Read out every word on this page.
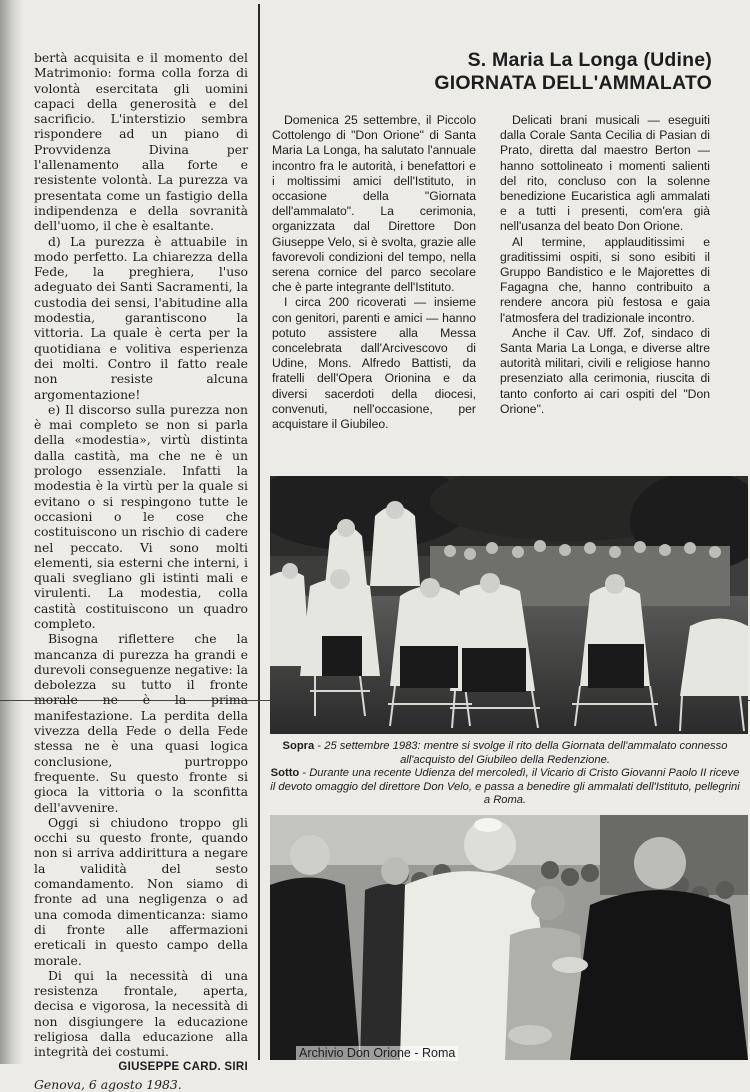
bertà acquisita e il momento del Matrimonio: forma colla forza di volontà esercitata gli uomini capaci della generosità e del sacrificio. L'interstizio sembra rispondere ad un piano di Provvidenza Divina per l'allenamento alla forte e resistente volontà. La purezza va presentata come un fastigio della indipendenza e della sovranità dell'uomo, il che è esaltante.

d) La purezza è attuabile in modo perfetto. La chiarezza della Fede, la preghiera, l'uso adeguato dei Santi Sacramenti, la custodia dei sensi, l'abitudine alla modestia, garantiscono la vittoria. La quale è certa per la quotidiana e volitiva esperienza dei molti. Contro il fatto reale non resiste alcuna argomentazione!

e) Il discorso sulla purezza non è mai completo se non si parla della «modestia», virtù distinta dalla castità, ma che ne è un prologo essenziale. Infatti la modestia è la virtù per la quale si evitano o si respingono tutte le occasioni o le cose che costituiscono un rischio di cadere nel peccato. Vi sono molti elementi, sia esterni che interni, i quali svegliano gli istinti mali e virulenti. La modestia, colla castità costituiscono un quadro completo.

Bisogna riflettere che la mancanza di purezza ha grandi e durevoli conseguenze negative: la debolezza su tutto il fronte morale ne è la prima manifestazione. La perdita della vivezza della Fede o della Fede stessa ne è una quasi logica conclusione, purtroppo frequente. Su questo fronte si gioca la vittoria o la sconfitta dell'avvenire.

Oggi si chiudono troppo gli occhi su questo fronte, quando non si arriva addirittura a negare la validità del sesto comandamento. Non siamo di fronte ad una negligenza o ad una comoda dimenticanza: siamo di fronte alle affermazioni ereticali in questo campo della morale.

Di qui la necessità di una resistenza frontale, aperta, decisa e vigorosa, la necessità di non disgiungere la educazione religiosa dalla educazione alla integrità dei costumi.

GIUSEPPE CARD. SIRI
Genova, 6 agosto 1983.
S. Maria La Longa (Udine)
GIORNATA DELL'AMMALATO

Domenica 25 settembre, il Piccolo Cottolengo di "Don Orione" di Santa Maria La Longa, ha salutato l'annuale incontro fra le autorità, i benefattori e i moltissimi amici dell'Istituto, in occasione della "Giornata dell'ammalato". La cerimonia, organizzata dal Direttore Don Giuseppe Velo, si è svolta, grazie alle favorevoli condizioni del tempo, nella serena cornice del parco secolare che è parte integrante dell'Istituto.

I circa 200 ricoverati — insieme con genitori, parenti e amici — hanno potuto assistere alla Messa concelebrata dall'Arcivescovo di Udine, Mons. Alfredo Battisti, da fratelli dell'Opera Orionina e da diversi sacerdoti della diocesi, convenuti, nell'occasione, per acquistare il Giubileo.

Delicati brani musicali — eseguiti dalla Corale Santa Cecilia di Pasian di Prato, diretta dal maestro Berton — hanno sottolineato i momenti salienti del rito, concluso con la solenne benedizione Eucaristica agli ammalati e a tutti i presenti, com'era già nell'usanza del beato Don Orione.

Al termine, applauditissimi e graditissimi ospiti, si sono esibiti il Gruppo Bandistico e le Majorettes di Fagagna che, hanno contribuito a rendere ancora più festosa e gaia l'atmosfera del tradizionale incontro.

Anche il Cav. Uff. Zof, sindaco di Santa Maria La Longa, e diverse altre autorità militari, civili e religiose hanno presenziato alla cerimonia, riuscita di tanto conforto ai cari ospiti del "Don Orione".

Sopra - 25 settembre 1983: mentre si svolge il rito della Giornata dell'ammalato connesso all'acquisto del Giubileo della Redenzione.
Sotto - Durante una recente Udienza del mercoledì, il Vicario di Cristo Giovanni Paolo II riceve il devoto omaggio del direttore Don Velo, e passa a benedire gli ammalati dell'Istituto, pellegrini a Roma.
Archivio Don Orione - Roma
